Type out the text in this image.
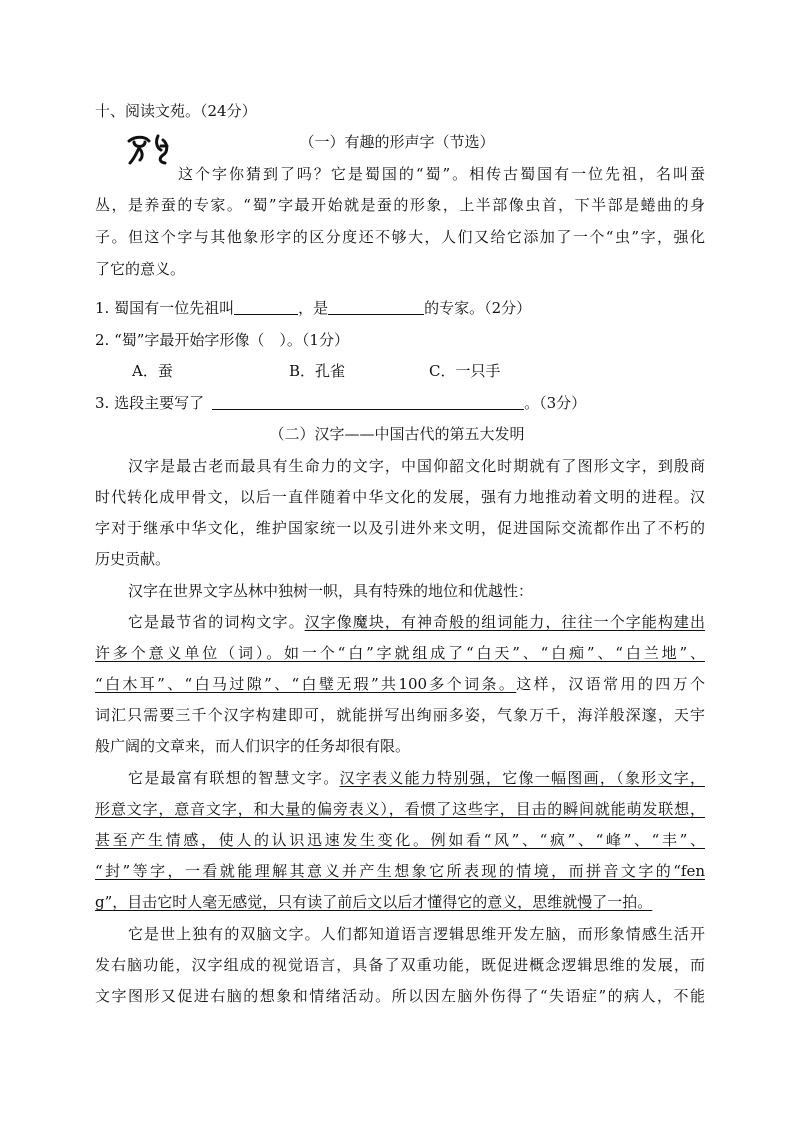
十、阅读文苑。（24分）
（一）有趣的形声字（节选）
这个字你猜到了吗？它是蜀国的“蜀”。相传古蜀国有一位先祖，名叫蚕
丛，是养蚕的专家。“蜀”字最开始就是蚕的形象，上半部像虫首，下半部是蜷曲的身
子。但这个字与其他象形字的区分度还不够大，人们又给它添加了一个“虫”字，强化
了它的意义。
1. 蜀国有一位先祖叫	，是	的专家。（2分）
2. “蜀”字最开始字形像（　）。（1分）
A．蚕	B．孔雀	C．一只手
3. 选段主要写了	。（3分）
（二）汉字——中国古代的第五大发明
汉字是最古老而最具有生命力的文字，中国仰韶文化时期就有了图形文字，到殷商
时代转化成甲骨文，以后一直伴随着中华文化的发展，强有力地推动着文明的进程。汉
字对于继承中华文化，维护国家统一以及引进外来文明，促进国际交流都作出了不朽的
历史贡献。
汉字在世界文字丛林中独树一帜，具有特殊的地位和优越性：
它是最节省的词构文字。汉字像魔块，有神奇般的组词能力，往往一个字能构建出
许多个意义单位（词）。如一个“白”字就组成了“白天”、“白痴”、“白兰地”、
“白木耳”、“白马过隙”、“白璧无瑕”共100多个词条。这样，汉语常用的四万个
词汇只需要三千个汉字构建即可，就能拼写出绚丽多姿，气象万千，海洋般深邃，天宇
般广阔的文章来，而人们识字的任务却很有限。
它是最富有联想的智慧文字。汉字表义能力特别强，它像一幅图画，（象形文字，
形意文字，意音文字，和大量的偏旁表义），看惯了这些字，目击的瞬间就能萌发联想，
甚至产生情感，使人的认识迅速发生变化。例如看“风”、“疯”、“峰”、“丰”、
“封”等字，一看就能理解其意义并产生想象它所表现的情境，而拼音文字的“fen
g”，目击它时人毫无感觉，只有读了前后文以后才懂得它的意义，思维就慢了一拍。
它是世上独有的双脑文字。人们都知道语言逻辑思维开发左脑，而形象情感生活开
发右脑功能，汉字组成的视觉语言，具备了双重功能，既促进概念逻辑思维的发展，而
文字图形又促进右脑的想象和情绪活动。所以因左脑外伤得了“失语症”的病人，不能
